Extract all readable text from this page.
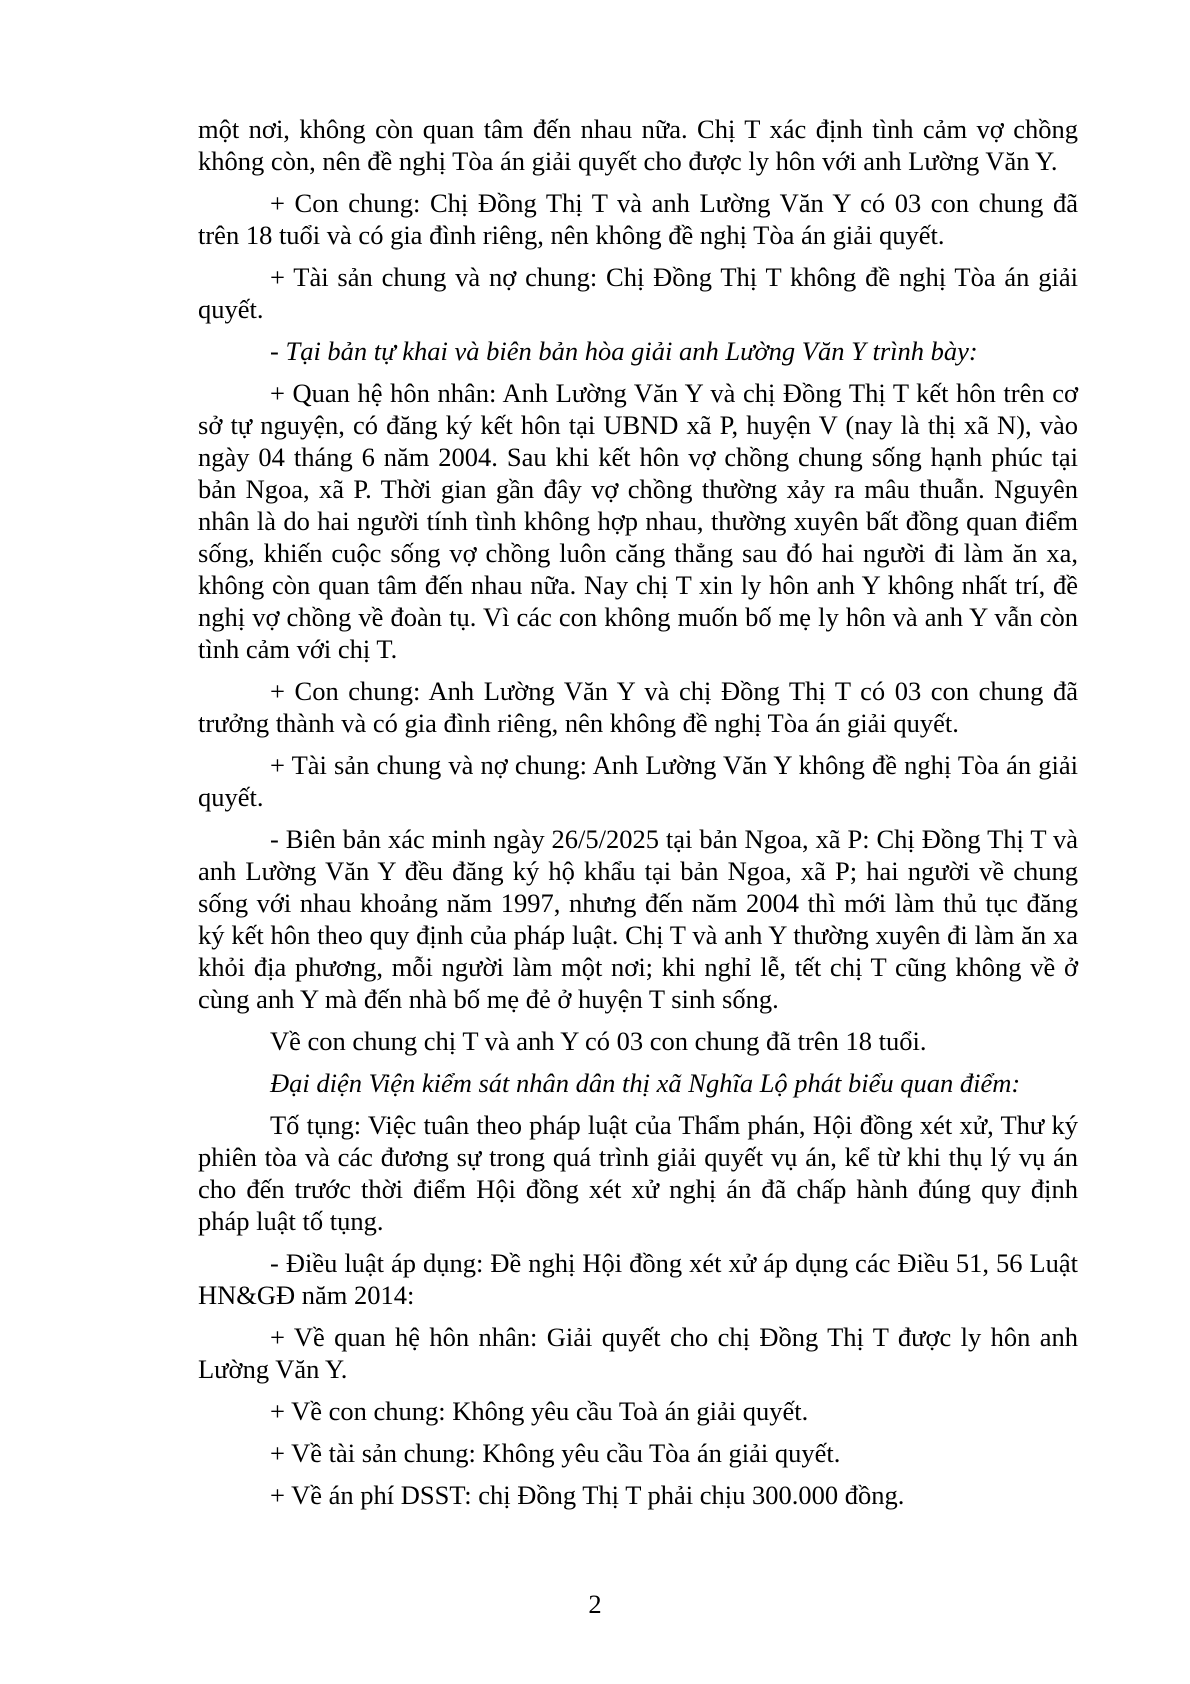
một nơi, không còn quan tâm đến nhau nữa. Chị T xác định tình cảm vợ chồng không còn, nên đề nghị Tòa án giải quyết cho được ly hôn với anh Lường Văn Y.

+ Con chung: Chị Đồng Thị T và anh Lường Văn Y có 03 con chung đã trên 18 tuổi và có gia đình riêng, nên không đề nghị Tòa án giải quyết.

+ Tài sản chung và nợ chung: Chị Đồng Thị T không đề nghị Tòa án giải quyết.

- Tại bản tự khai và biên bản hòa giải anh Lường Văn Y trình bày:

+ Quan hệ hôn nhân: Anh Lường Văn Y và chị Đồng Thị T kết hôn trên cơ sở tự nguyện, có đăng ký kết hôn tại UBND xã P, huyện V (nay là thị xã N), vào ngày 04 tháng 6 năm 2004. Sau khi kết hôn vợ chồng chung sống hạnh phúc tại bản Ngoa, xã P. Thời gian gần đây vợ chồng thường xảy ra mâu thuẫn. Nguyên nhân là do hai người tính tình không hợp nhau, thường xuyên bất đồng quan điểm sống, khiến cuộc sống vợ chồng luôn căng thẳng sau đó hai người đi làm ăn xa, không còn quan tâm đến nhau nữa. Nay chị T xin ly hôn anh Y không nhất trí, đề nghị vợ chồng về đoàn tụ. Vì các con không muốn bố mẹ ly hôn và anh Y vẫn còn tình cảm với chị T.

+ Con chung: Anh Lường Văn Y và chị Đồng Thị T có 03 con chung đã trưởng thành và có gia đình riêng, nên không đề nghị Tòa án giải quyết.

+ Tài sản chung và nợ chung: Anh Lường Văn Y không đề nghị Tòa án giải quyết.

- Biên bản xác minh ngày 26/5/2025 tại bản Ngoa, xã P: Chị Đồng Thị T và anh Lường Văn Y đều đăng ký hộ khẩu tại bản Ngoa, xã P; hai người về chung sống với nhau khoảng năm 1997, nhưng đến năm 2004 thì mới làm thủ tục đăng ký kết hôn theo quy định của pháp luật. Chị T và anh Y thường xuyên đi làm ăn xa khỏi địa phương, mỗi người làm một nơi; khi nghỉ lễ, tết chị T cũng không về ở cùng anh Y mà đến nhà bố mẹ đẻ ở huyện T sinh sống.

Về con chung chị T và anh Y có 03 con chung đã trên 18 tuổi.

Đại diện Viện kiểm sát nhân dân thị xã Nghĩa Lộ phát biểu quan điểm:

Tố tụng: Việc tuân theo pháp luật của Thẩm phán, Hội đồng xét xử, Thư ký phiên tòa và các đương sự trong quá trình giải quyết vụ án, kể từ khi thụ lý vụ án cho đến trước thời điểm Hội đồng xét xử nghị án đã chấp hành đúng quy định pháp luật tố tụng.

- Điều luật áp dụng: Đề nghị Hội đồng xét xử áp dụng các Điều 51, 56 Luật HN&GĐ năm 2014:

+ Về quan hệ hôn nhân: Giải quyết cho chị Đồng Thị T được ly hôn anh Lường Văn Y.

+ Về con chung: Không yêu cầu Toà án giải quyết.

+ Về tài sản chung: Không yêu cầu Tòa án giải quyết.

+ Về án phí DSST: chị Đồng Thị T phải chịu 300.000 đồng.

2
